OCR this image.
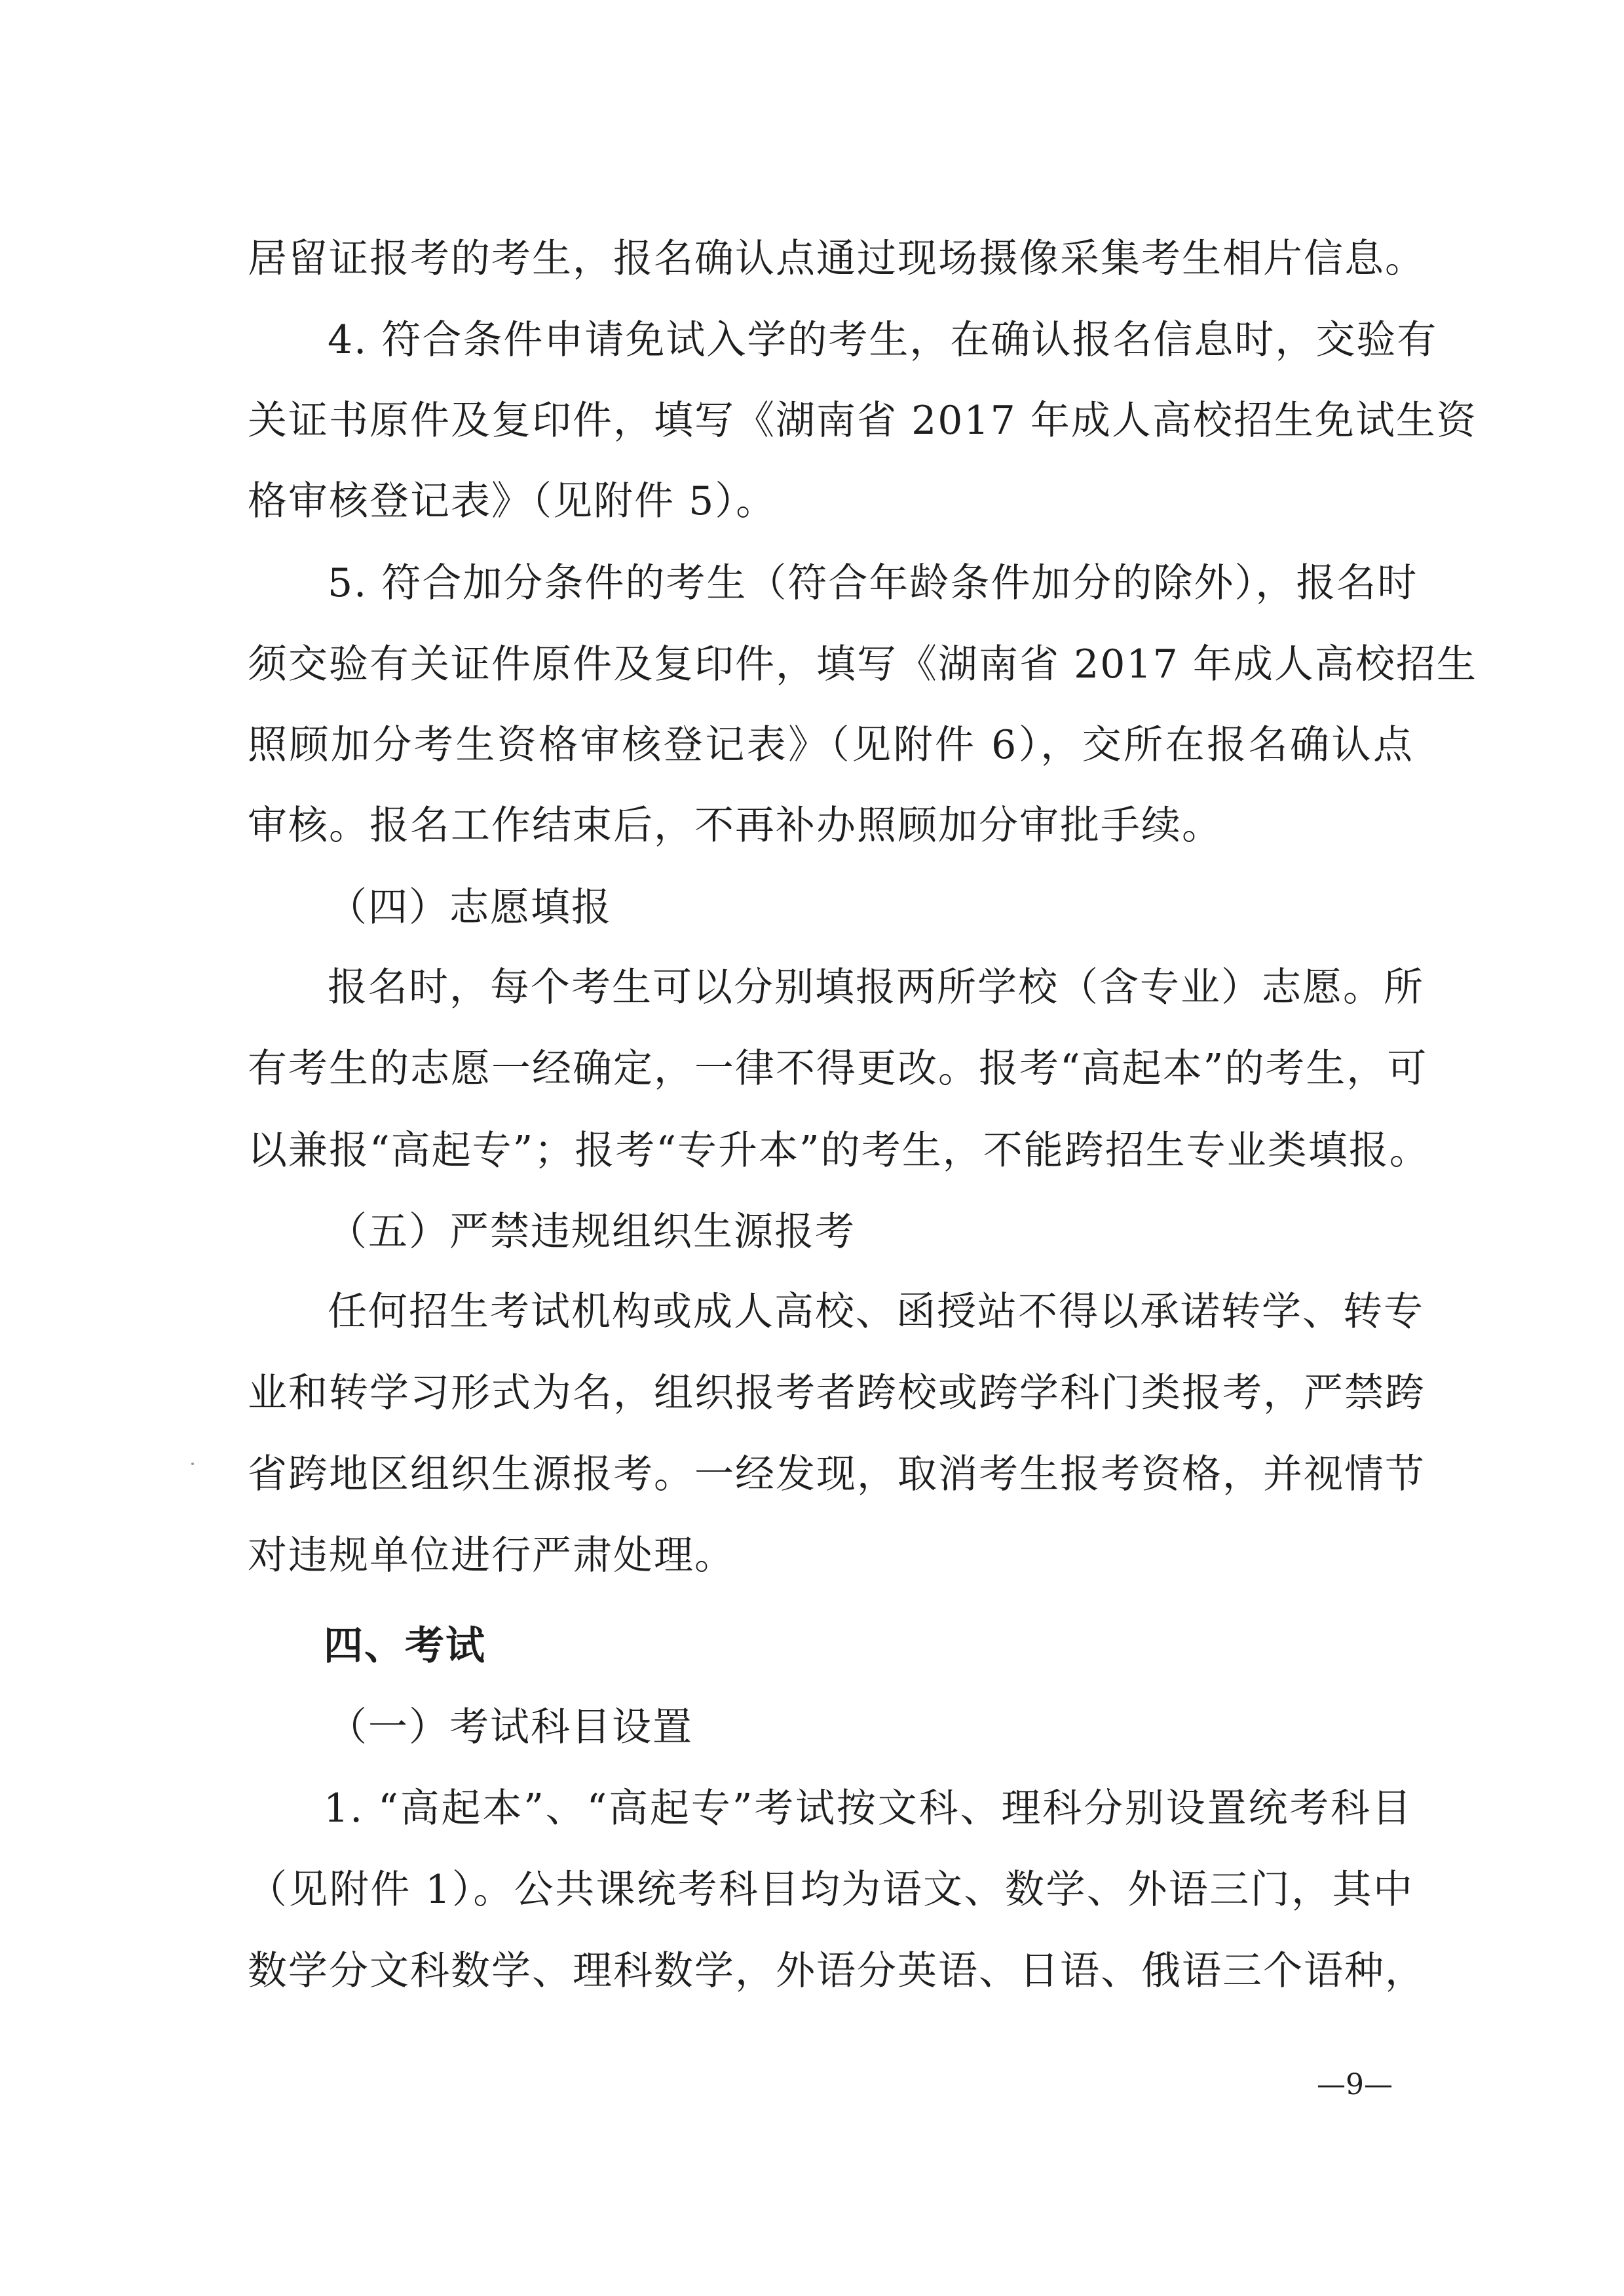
居留证报考的考生，报名确认点通过现场摄像采集考生相片信息。
4. 符合条件申请免试入学的考生，在确认报名信息时，交验有
关证书原件及复印件，填写《湖南省 2017 年成人高校招生免试生资
格审核登记表》（见附件 5）。
5. 符合加分条件的考生（符合年龄条件加分的除外），报名时
须交验有关证件原件及复印件，填写《湖南省 2017 年成人高校招生
照顾加分考生资格审核登记表》（见附件 6），交所在报名确认点
审核。报名工作结束后，不再补办照顾加分审批手续。
（四）志愿填报
报名时，每个考生可以分别填报两所学校（含专业）志愿。所
有考生的志愿一经确定，一律不得更改。报考“高起本”的考生，可
以兼报“高起专”；报考“专升本”的考生，不能跨招生专业类填报。
（五）严禁违规组织生源报考
任何招生考试机构或成人高校、函授站不得以承诺转学、转专
业和转学习形式为名，组织报考者跨校或跨学科门类报考，严禁跨
省跨地区组织生源报考。一经发现，取消考生报考资格，并视情节
对违规单位进行严肃处理。
四、考试
（一）考试科目设置
1. “高起本”、“高起专”考试按文科、理科分别设置统考科目
（见附件 1）。公共课统考科目均为语文、数学、外语三门，其中
数学分文科数学、理科数学，外语分英语、日语、俄语三个语种，
—9—
